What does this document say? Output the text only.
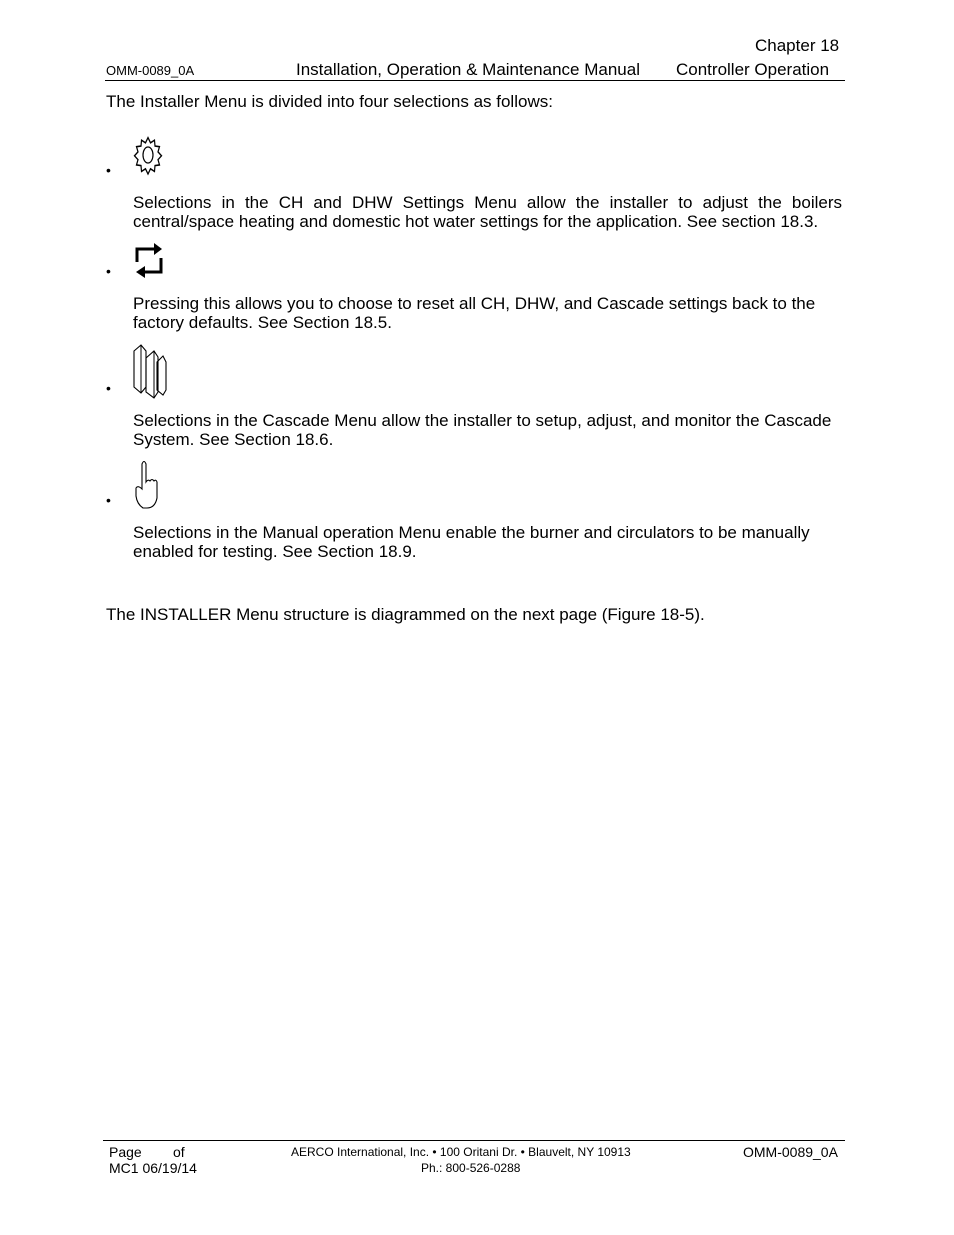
Chapter 18
OMM-0089_0A	Installation, Operation & Maintenance Manual Controller Operation
The Installer Menu is divided into four selections as follows:
•
Selections in the CH and DHW Settings Menu allow the installer to adjust the boilers central/space heating and domestic hot water settings for the application. See section 18.3.
•
Pressing this allows you to choose to reset all CH, DHW, and Cascade settings back to the factory defaults. See Section 18.5.
•
Selections in the Cascade Menu allow the installer to setup, adjust, and monitor the Cascade System. See Section 18.6.
•
Selections in the Manual operation Menu enable the burner and circulators to be manually enabled for testing. See Section 18.9.
The INSTALLER Menu structure is diagrammed on the next page (Figure 18-5).
Page of
MC1 06/19/14
AERCO International, Inc. • 100 Oritani Dr. • Blauvelt, NY 10913
Ph.: 800-526-0288
OMM-0089_0A
